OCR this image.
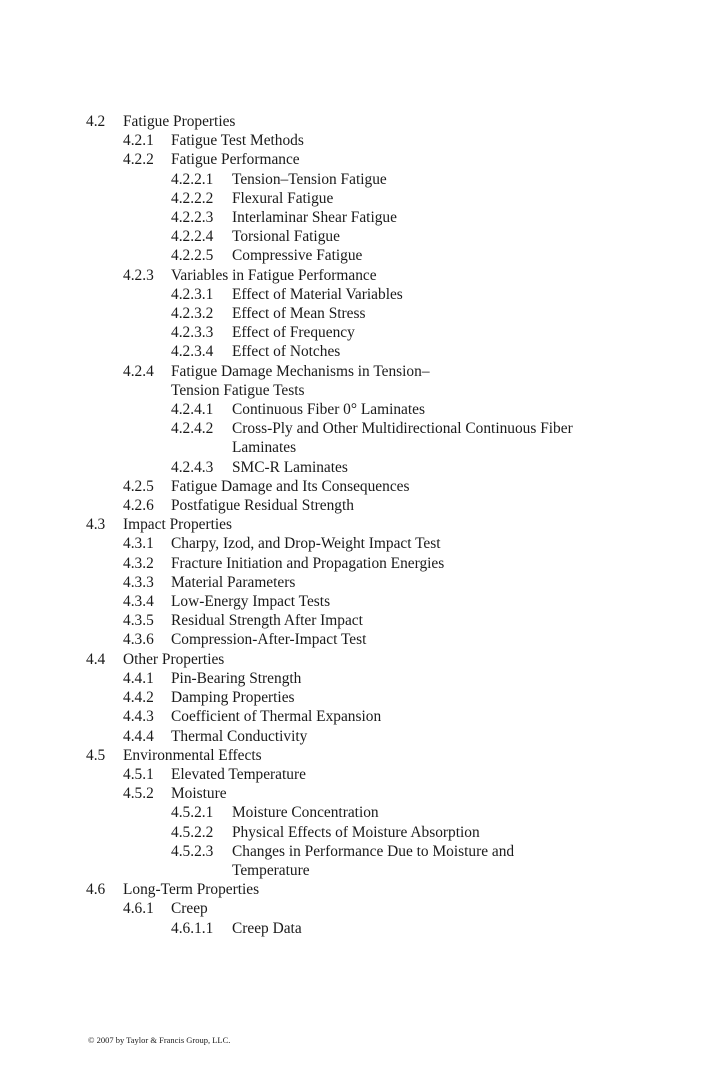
4.2	Fatigue Properties
4.2.1	Fatigue Test Methods
4.2.2	Fatigue Performance
4.2.2.1	Tension–Tension Fatigue
4.2.2.2	Flexural Fatigue
4.2.2.3	Interlaminar Shear Fatigue
4.2.2.4	Torsional Fatigue
4.2.2.5	Compressive Fatigue
4.2.3	Variables in Fatigue Performance
4.2.3.1	Effect of Material Variables
4.2.3.2	Effect of Mean Stress
4.2.3.3	Effect of Frequency
4.2.3.4	Effect of Notches
4.2.4	Fatigue Damage Mechanisms in Tension– Tension Fatigue Tests
4.2.4.1	Continuous Fiber 0° Laminates
4.2.4.2	Cross-Ply and Other Multidirectional Continuous Fiber Laminates
4.2.4.3	SMC-R Laminates
4.2.5	Fatigue Damage and Its Consequences
4.2.6	Postfatigue Residual Strength
4.3	Impact Properties
4.3.1	Charpy, Izod, and Drop-Weight Impact Test
4.3.2	Fracture Initiation and Propagation Energies
4.3.3	Material Parameters
4.3.4	Low-Energy Impact Tests
4.3.5	Residual Strength After Impact
4.3.6	Compression-After-Impact Test
4.4	Other Properties
4.4.1	Pin-Bearing Strength
4.4.2	Damping Properties
4.4.3	Coefficient of Thermal Expansion
4.4.4	Thermal Conductivity
4.5	Environmental Effects
4.5.1	Elevated Temperature
4.5.2	Moisture
4.5.2.1	Moisture Concentration
4.5.2.2	Physical Effects of Moisture Absorption
4.5.2.3	Changes in Performance Due to Moisture and Temperature
4.6	Long-Term Properties
4.6.1	Creep
4.6.1.1	Creep Data
© 2007 by Taylor & Francis Group, LLC.
